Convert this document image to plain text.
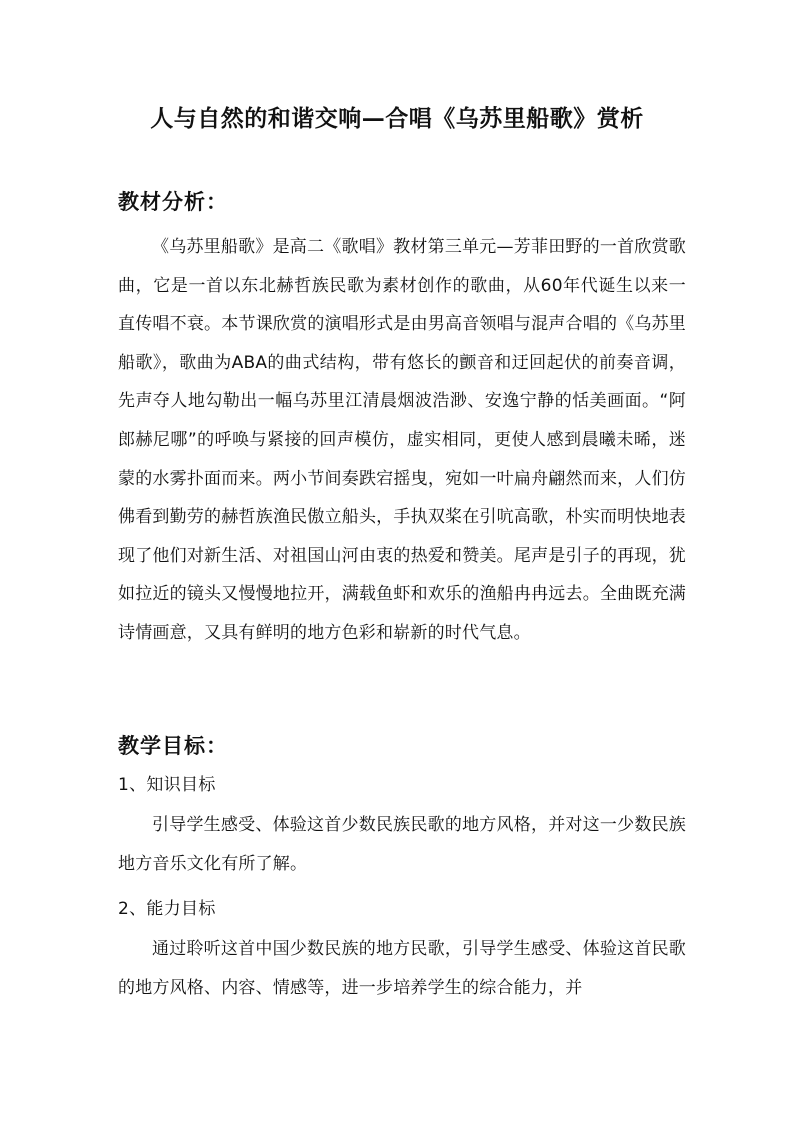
人与自然的和谐交响—合唱《乌苏里船歌》赏析
教材分析：

《乌苏里船歌》是高二《歌唱》教材第三单元—芳菲田野的一首欣赏歌曲，它是一首以东北赫哲族民歌为素材创作的歌曲，从60年代诞生以来一直传唱不衰。本节课欣赏的演唱形式是由男高音领唱与混声合唱的《乌苏里船歌》，歌曲为ABA的曲式结构，带有悠长的颤音和迂回起伏的前奏音调，先声夺人地勾勒出一幅乌苏里江清晨烟波浩渺、安逸宁静的恬美画面。“阿郎赫尼哪”的呼唤与紧接的回声模仿，虚实相同，更使人感到晨曦未晞，迷蒙的水雾扑面而来。两小节间奏跌宕摇曳，宛如一叶扁舟翩然而来，人们仿佛看到勤劳的赫哲族渔民傲立船头，手执双桨在引吭高歌，朴实而明快地表现了他们对新生活、对祖国山河由衷的热爱和赞美。尾声是引子的再现，犹如拉近的镜头又慢慢地拉开，满载鱼虾和欢乐的渔船冉冉远去。全曲既充满诗情画意，又具有鲜明的地方色彩和崭新的时代气息。

教学目标：

1、知识目标

引导学生感受、体验这首少数民族民歌的地方风格，并对这一少数民族地方音乐文化有所了解。

2、能力目标

通过聆听这首中国少数民族的地方民歌，引导学生感受、体验这首民歌的地方风格、内容、情感等，进一步培养学生的综合能力，并
